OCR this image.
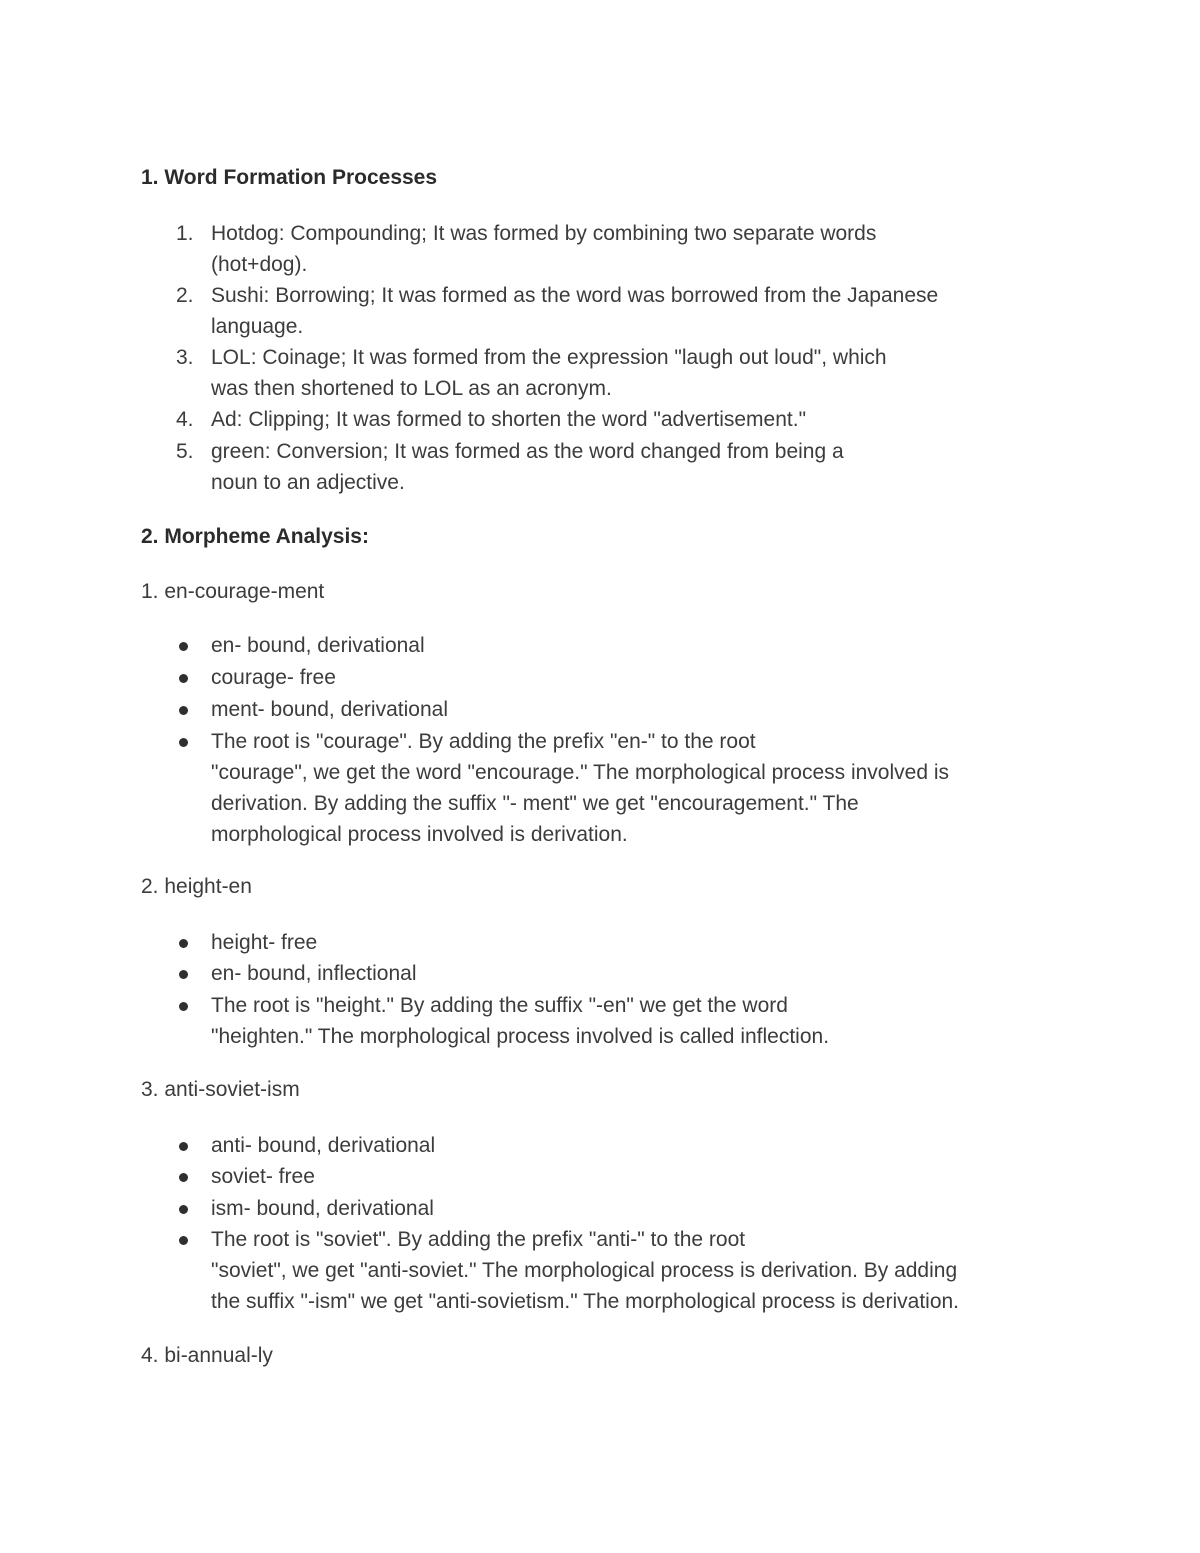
1. Word Formation Processes
1. Hotdog: Compounding; It was formed by combining two separate words
(hot+dog).
2. Sushi: Borrowing; It was formed as the word was borrowed from the Japanese
language.
3. LOL: Coinage; It was formed from the expression "laugh out loud", which
was then shortened to LOL as an acronym.
4. Ad: Clipping; It was formed to shorten the word "advertisement."
5. green: Conversion; It was formed as the word changed from being a
noun to an adjective.
2. Morpheme Analysis:
1. en-courage-ment
en- bound, derivational
courage- free
ment- bound, derivational
The root is "courage". By adding the prefix "en-" to the root
"courage", we get the word "encourage." The morphological process involved is
derivation. By adding the suffix "- ment" we get "encouragement." The
morphological process involved is derivation.
2. height-en
height- free
en- bound, inflectional
The root is "height." By adding the suffix "-en" we get the word
"heighten." The morphological process involved is called inflection.
3. anti-soviet-ism
anti- bound, derivational
soviet- free
ism- bound, derivational
The root is "soviet". By adding the prefix "anti-" to the root
"soviet", we get "anti-soviet." The morphological process is derivation. By adding
the suffix "-ism" we get "anti-sovietism." The morphological process is derivation.
4. bi-annual-ly
